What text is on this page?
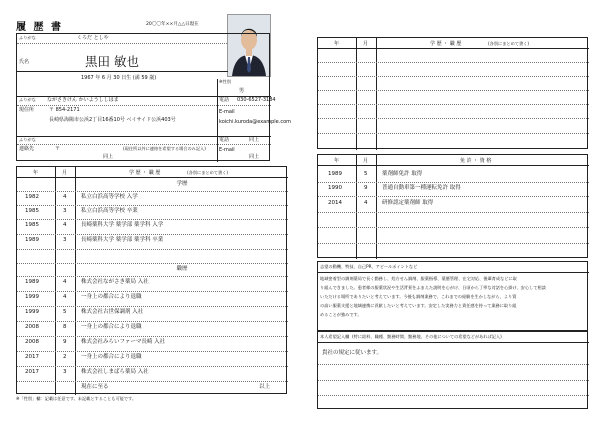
履 歴 書	20〇〇年××月△△日現在
ふりがな	くろだ としや
氏名	黒田 敏也
1967 年 6 月 30 日生 (満 59 歳)
※性別
男
ふりがな ながさきけん かいようししはま	電話 030-6527-3184
現住所	〒 854-2171	E-mail
長崎県海陽市公浜2丁目16番10号 ベイサイド公浜403号	koichi.kuroda@example.com
ふりがな	電話	同上
連絡先	〒	(現住所以外に連絡を希望する場合のみ記入)	E-mail
同上	同上
年	月	学 歴 ・ 職 歴	(各別にまとめて書く)
学歴
1982	4	私立白浜高等学校 入学
1985	3	私立白浜高等学校 卒業
1985	4	長崎薬科大学 薬学部 薬学科 入学
1989	3	長崎薬科大学 薬学部 薬学科 卒業
職歴
1989	4	株式会社ながさき薬局 入社
1999	4	一身上の都合により退職
1999	5	株式会社古世保調剤 入社
2008	8	一身上の都合により退職
2008	9	株式会社みらいファーマ長崎 入社
2017	2	一身上の都合により退職
2017	3	株式会社しまばら薬局 入社
現在に至る	以上
※「性別」欄：記載は任意です。未記載とすることも可能です。
年	月	学 歴 ・ 職 歴	(各別にまとめて書く)
年	月	免 許 ・ 資 格
1989	5	薬剤師免許 取得
1990	9	普通自動車第一種運転免許 取得
2014	4	研修認定薬剤師 取得
志望の動機、特技、自己PR、アピールポイントなど
地域密着型の調剤薬局で長く勤務し、処方せん調剤、服薬指導、薬歴管理、在宅対応、後輩育成などに取
り組んできました。患者様の服薬状況や生活背景をふまえた説明を心がけ、日頃から丁寧な対話を心掛け、安心して相談
いただける場所でありたいと考えています。今後も調剤業務で、これまでの経験を生かしながら、より質
の高い服薬支援と地域連携に貢献したいと考えています。安定した実務力と責任感を持って業務に取り組
めることが強みです。
本人希望記入欄 (特に給料、職種、勤務時間、勤務地、その他についての希望などがあれば記入)
貴社の規定に従います。
